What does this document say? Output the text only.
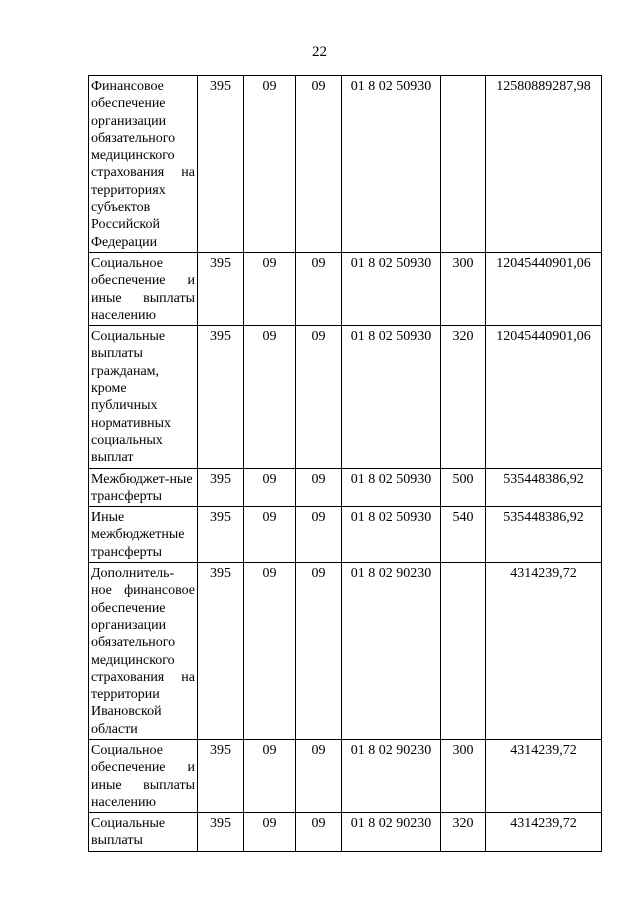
22
Финансовое обеспечение организации обязательного медицинского страхования на территориях субъектов Российской Федерации	395	09	09	01 8 02 50930		12580889287,98
Социальное обеспечение и иные выплаты населению	395	09	09	01 8 02 50930	300	12045440901,06
Социальные выплаты гражданам, кроме публичных нормативных социальных выплат	395	09	09	01 8 02 50930	320	12045440901,06
Межбюджет-ные трансферты	395	09	09	01 8 02 50930	500	535448386,92
Иные межбюджетные трансферты	395	09	09	01 8 02 50930	540	535448386,92
Дополнитель-ное финансовое обеспечение организации обязательного медицинского страхования на территории Ивановской области	395	09	09	01 8 02 90230		4314239,72
Социальное обеспечение и иные выплаты населению	395	09	09	01 8 02 90230	300	4314239,72
Социальные выплаты	395	09	09	01 8 02 90230	320	4314239,72
